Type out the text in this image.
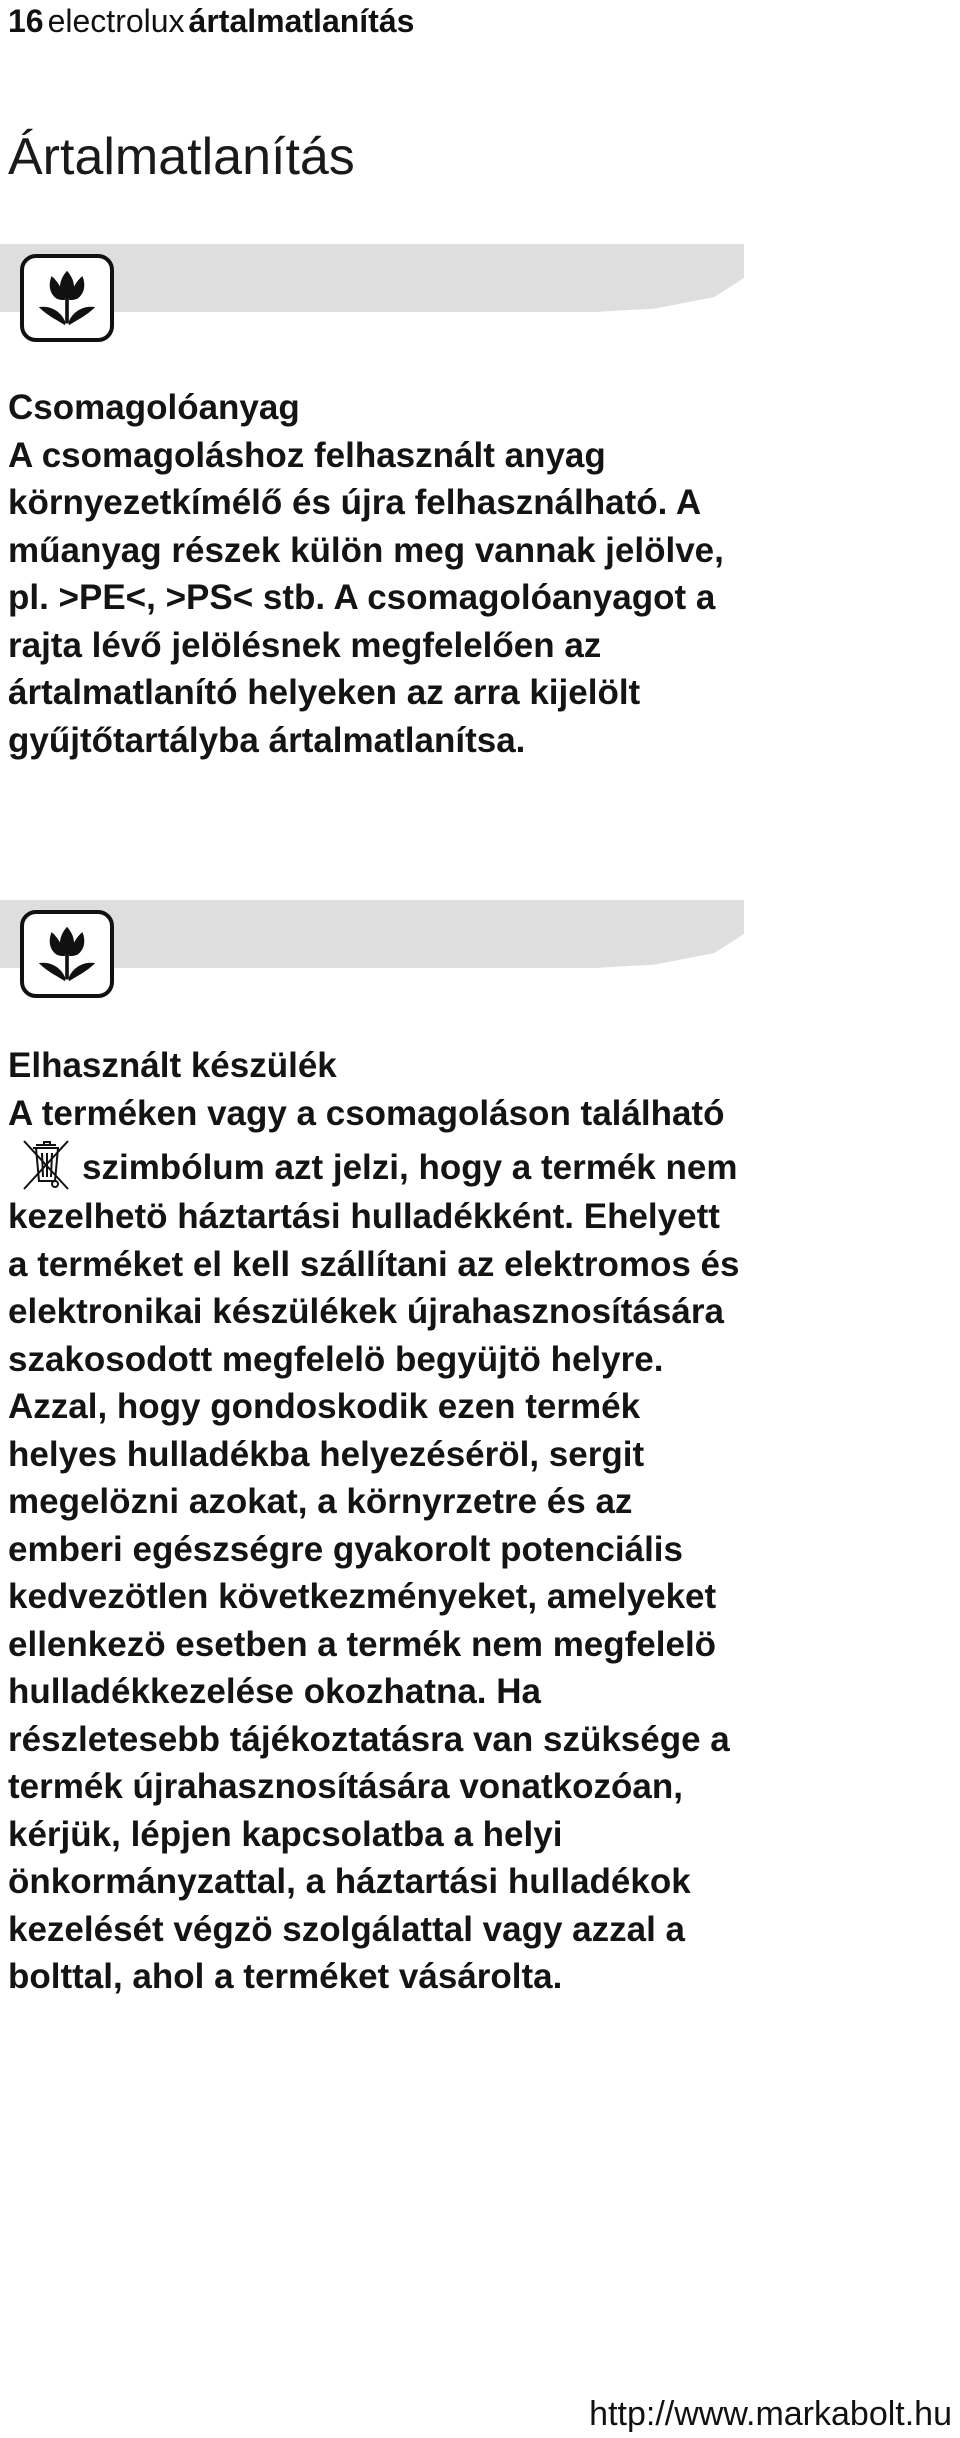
16 electrolux ártalmatlanítás
Ártalmatlanítás

Csomagolóanyag

A csomagoláshoz felhasznált anyag környezetkímélő és újra felhasználható. A műanyag részek külön meg vannak jelölve, pl. >PE<, >PS< stb. A csomagolóanyagot a rajta lévő jelölésnek megfelelően az ártalmatlanító helyeken az arra kijelölt gyűjtőtartályba ártalmatlanítsa.

Elhasznált készülék

A terméken vagy a csomagoláson található
szimbólum azt jelzi, hogy a termék nem kezelhetö háztartási hulladékként. Ehelyett a terméket el kell szállítani az elektromos és elektronikai készülékek újrahasznosítására szakosodott megfelelö begyüjtö helyre. Azzal, hogy gondoskodik ezen termék helyes hulladékba helyezéséröl, sergit megelözni azokat, a környrzetre és az emberi egészségre gyakorolt potenciális kedvezötlen következményeket, amelyeket ellenkezö esetben a termék nem megfelelö hulladékkezelése okozhatna. Ha részletesebb tájékoztatásra van szüksége a termék újrahasznosítására vonatkozóan, kérjük, lépjen kapcsolatba a helyi önkormányzattal, a háztartási hulladékok kezelését végzö szolgálattal vagy azzal a bolttal, ahol a terméket vásárolta.

http://www.markabolt.hu
